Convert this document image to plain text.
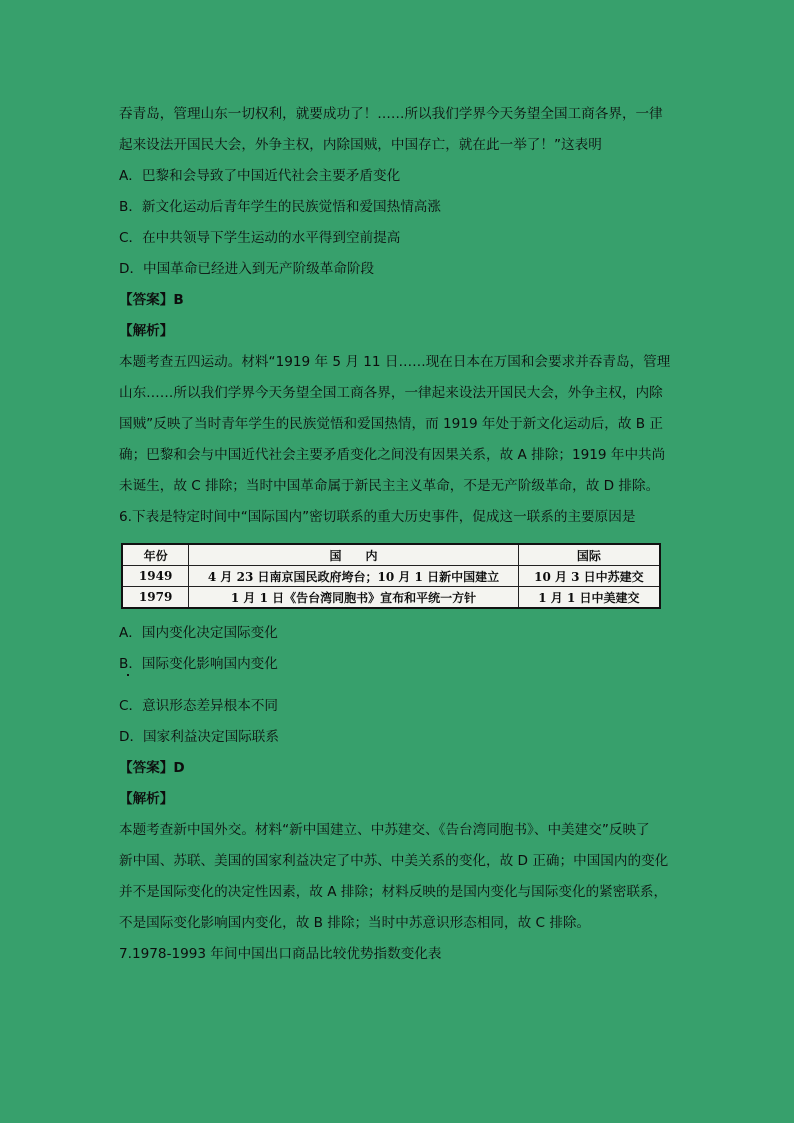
吞青岛，管理山东一切权利，就要成功了！……所以我们学界今天务望全国工商各界，一律
起来设法开国民大会，外争主权，内除国贼，中国存亡，就在此一举了！”这表明
A．巴黎和会导致了中国近代社会主要矛盾变化
B．新文化运动后青年学生的民族觉悟和爱国热情高涨
C．在中共领导下学生运动的水平得到空前提高
D．中国革命已经进入到无产阶级革命阶段
【答案】B
【解析】
本题考查五四运动。材料“1919 年 5 月 11 日……现在日本在万国和会要求并吞青岛，管理
山东……所以我们学界今天务望全国工商各界，一律起来设法开国民大会，外争主权，内除
国贼”反映了当时青年学生的民族觉悟和爱国热情，而 1919 年处于新文化运动后，故 B 正
确；巴黎和会与中国近代社会主要矛盾变化之间没有因果关系，故 A 排除；1919 年中共尚
未诞生，故 C 排除；当时中国革命属于新民主主义革命，不是无产阶级革命，故 D 排除。
6.下表是特定时间中“国际国内”密切联系的重大历史事件，促成这一联系的主要原因是
年份	国　　内	国际
1949	4 月 23 日南京国民政府垮台；10 月 1 日新中国建立	10 月 3 日中苏建交
1979	1 月 1 日《告台湾同胞书》宣布和平统一方针	1 月 1 日中美建交
A．国内变化决定国际变化
B．国际变化影响国内变化
C．意识形态差异根本不同
D．国家利益决定国际联系
【答案】D
【解析】
本题考查新中国外交。材料“新中国建立、中苏建交、《告台湾同胞书》、中美建交”反映了
新中国、苏联、美国的国家利益决定了中苏、中美关系的变化，故 D 正确；中国国内的变化
并不是国际变化的决定性因素，故 A 排除；材料反映的是国内变化与国际变化的紧密联系，
不是国际变化影响国内变化，故 B 排除；当时中苏意识形态相同，故 C 排除。
7.1978-1993 年间中国出口商品比较优势指数变化表
